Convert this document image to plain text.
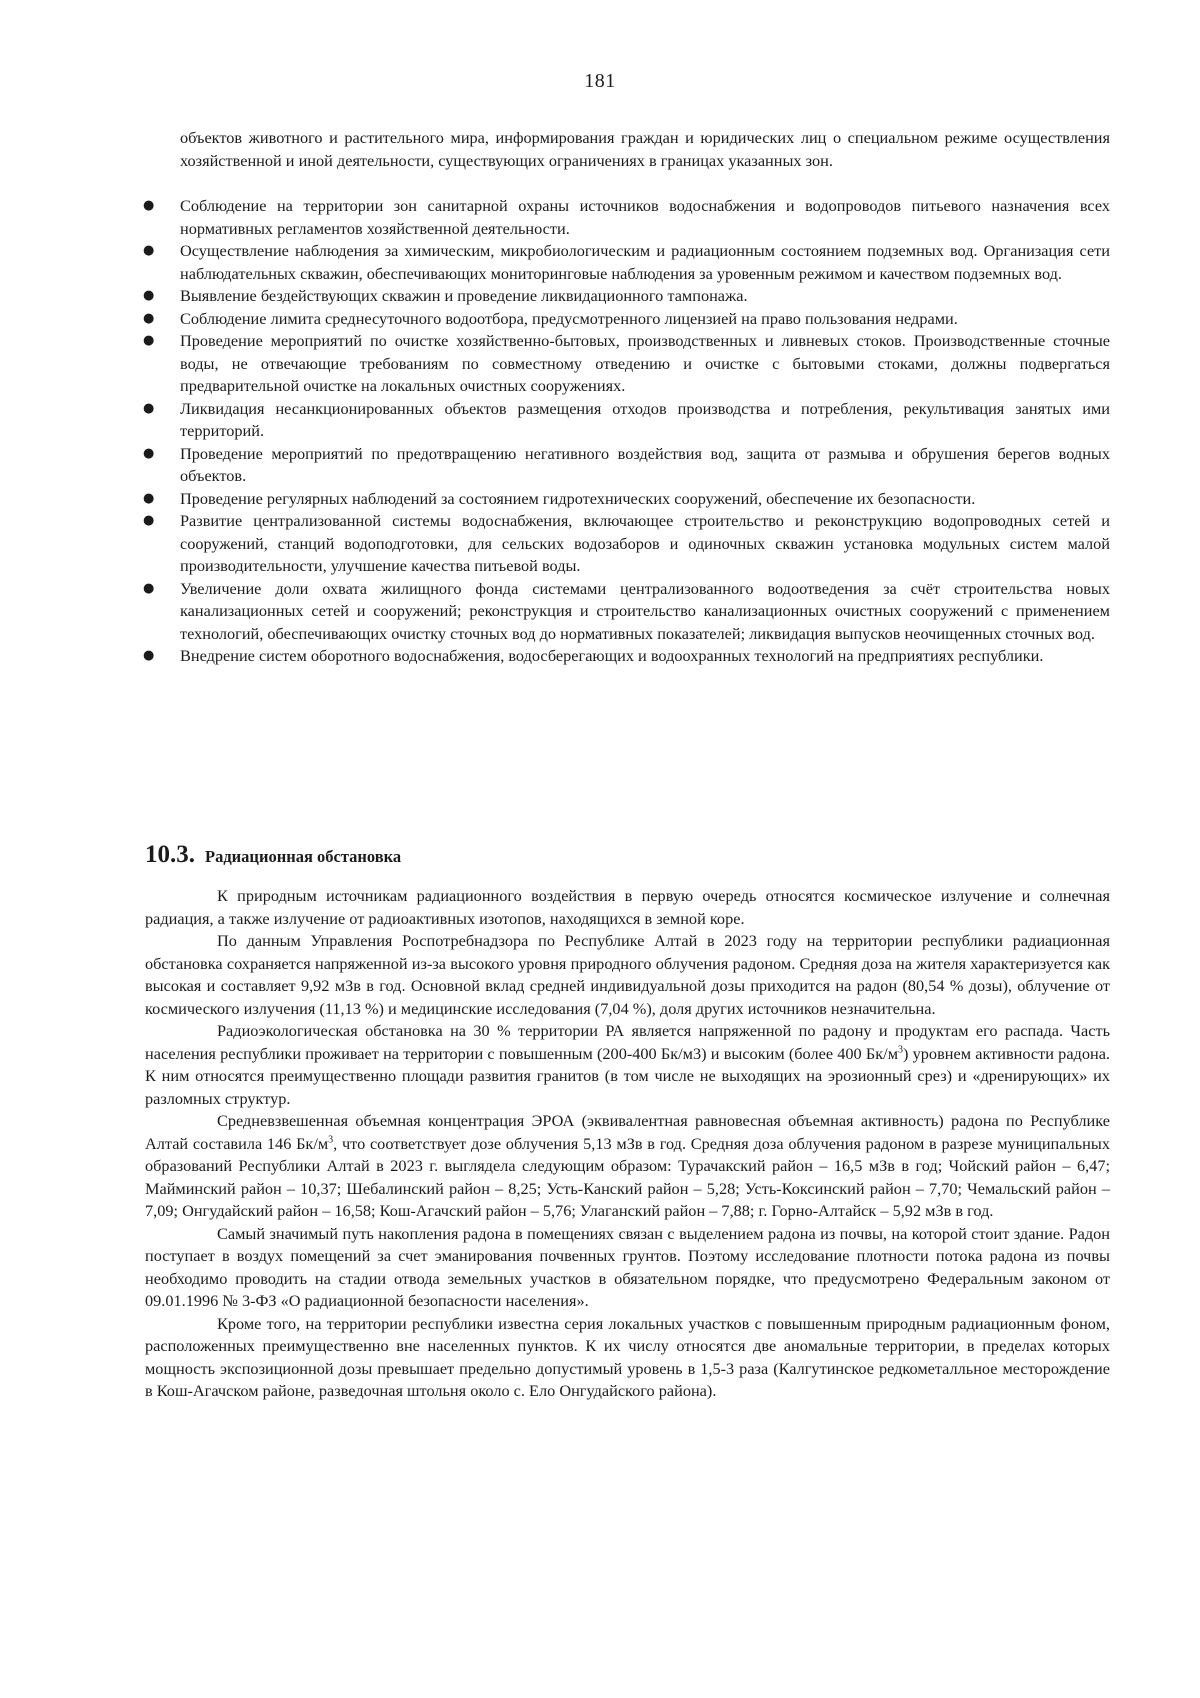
181

объектов животного и растительного мира, информирования граждан и юридических лиц о специальном режиме осуществления хозяйственной и иной деятельности, существующих ограничениях в границах указанных зон.

● Соблюдение на территории зон санитарной охраны источников водоснабжения и водопроводов питьевого назначения всех нормативных регламентов хозяйственной деятельности.
● Осуществление наблюдения за химическим, микробиологическим и радиационным состоянием подземных вод. Организация сети наблюдательных скважин, обеспечивающих мониторинговые наблюдения за уровенным режимом и качеством подземных вод.
● Выявление бездействующих скважин и проведение ликвидационного тампонажа.
● Соблюдение лимита среднесуточного водоотбора, предусмотренного лицензией на право пользования недрами.
● Проведение мероприятий по очистке хозяйственно-бытовых, производственных и ливневых стоков. Производственные сточные воды, не отвечающие требованиям по совместному отведению и очистке с бытовыми стоками, должны подвергаться предварительной очистке на локальных очистных сооружениях.
● Ликвидация несанкционированных объектов размещения отходов производства и потребления, рекультивация занятых ими территорий.
● Проведение мероприятий по предотвращению негативного воздействия вод, защита от размыва и обрушения берегов водных объектов.
● Проведение регулярных наблюдений за состоянием гидротехнических сооружений, обеспечение их безопасности.
● Развитие централизованной системы водоснабжения, включающее строительство и реконструкцию водопроводных сетей и сооружений, станций водоподготовки, для сельских водозаборов и одиночных скважин установка модульных систем малой производительности, улучшение качества питьевой воды.
● Увеличение доли охвата жилищного фонда системами централизованного водоотведения за счёт строительства новых канализационных сетей и сооружений; реконструкция и строительство канализационных очистных сооружений с применением технологий, обеспечивающих очистку сточных вод до нормативных показателей; ликвидация выпусков неочищенных сточных вод.
● Внедрение систем оборотного водоснабжения, водосберегающих и водоохранных технологий на предприятиях республики.
10.3. Радиационная обстановка

К природным источникам радиационного воздействия в первую очередь относятся космическое излучение и солнечная радиация, а также излучение от радиоактивных изотопов, находящихся в земной коре.

По данным Управления Роспотребнадзора по Республике Алтай в 2023 году на территории республики радиационная обстановка сохраняется напряженной из-за высокого уровня природного облучения радоном. Средняя доза на жителя характеризуется как высокая и составляет 9,92 мЗв в год. Основной вклад средней индивидуальной дозы приходится на радон (80,54 % дозы), облучение от космического излучения (11,13 %) и медицинские исследования (7,04 %), доля других источников незначительна.

Радиоэкологическая обстановка на 30 % территории РА является напряженной по радону и продуктам его распада. Часть населения республики проживает на территории с повышенным (200-400 Бк/м3) и высоким (более 400 $Бк/м^3$) уровнем активности радона. К ним относятся преимущественно площади развития гранитов (в том числе не выходящих на эрозионный срез) и «дренирующих» их разломных структур.

Средневзвешенная объемная концентрация ЭРОА (эквивалентная равновесная объемная активность) радона по Республике Алтай составила 146 $Бк/м^3$, что соответствует дозе облучения 5,13 мЗв в год. Средняя доза облучения радоном в разрезе муниципальных образований Республики Алтай в 2023 г. выглядела следующим образом: Турачакский район – 16,5 мЗв в год; Чойский район – 6,47; Майминский район – 10,37; Шебалинский район – 8,25; Усть-Канский район – 5,28; Усть-Коксинский район – 7,70; Чемальский район – 7,09; Онгудайский район – 16,58; Кош-Агачский район – 5,76; Улаганский район – 7,88; г. Горно-Алтайск – 5,92 мЗв в год.

Самый значимый путь накопления радона в помещениях связан с выделением радона из почвы, на которой стоит здание. Радон поступает в воздух помещений за счет эманирования почвенных грунтов. Поэтому исследование плотности потока радона из почвы необходимо проводить на стадии отвода земельных участков в обязательном порядке, что предусмотрено Федеральным законом от 09.01.1996 № 3-ФЗ «О радиационной безопасности населения».

Кроме того, на территории республики известна серия локальных участков с повышенным природным радиационным фоном, расположенных преимущественно вне населенных пунктов. К их числу относятся две аномальные территории, в пределах которых мощность экспозиционной дозы превышает предельно допустимый уровень в 1,5-3 раза (Калгутинское редкометалльное месторождение в Кош-Агачском районе, разведочная штольня около с. Ело Онгудайского района).
